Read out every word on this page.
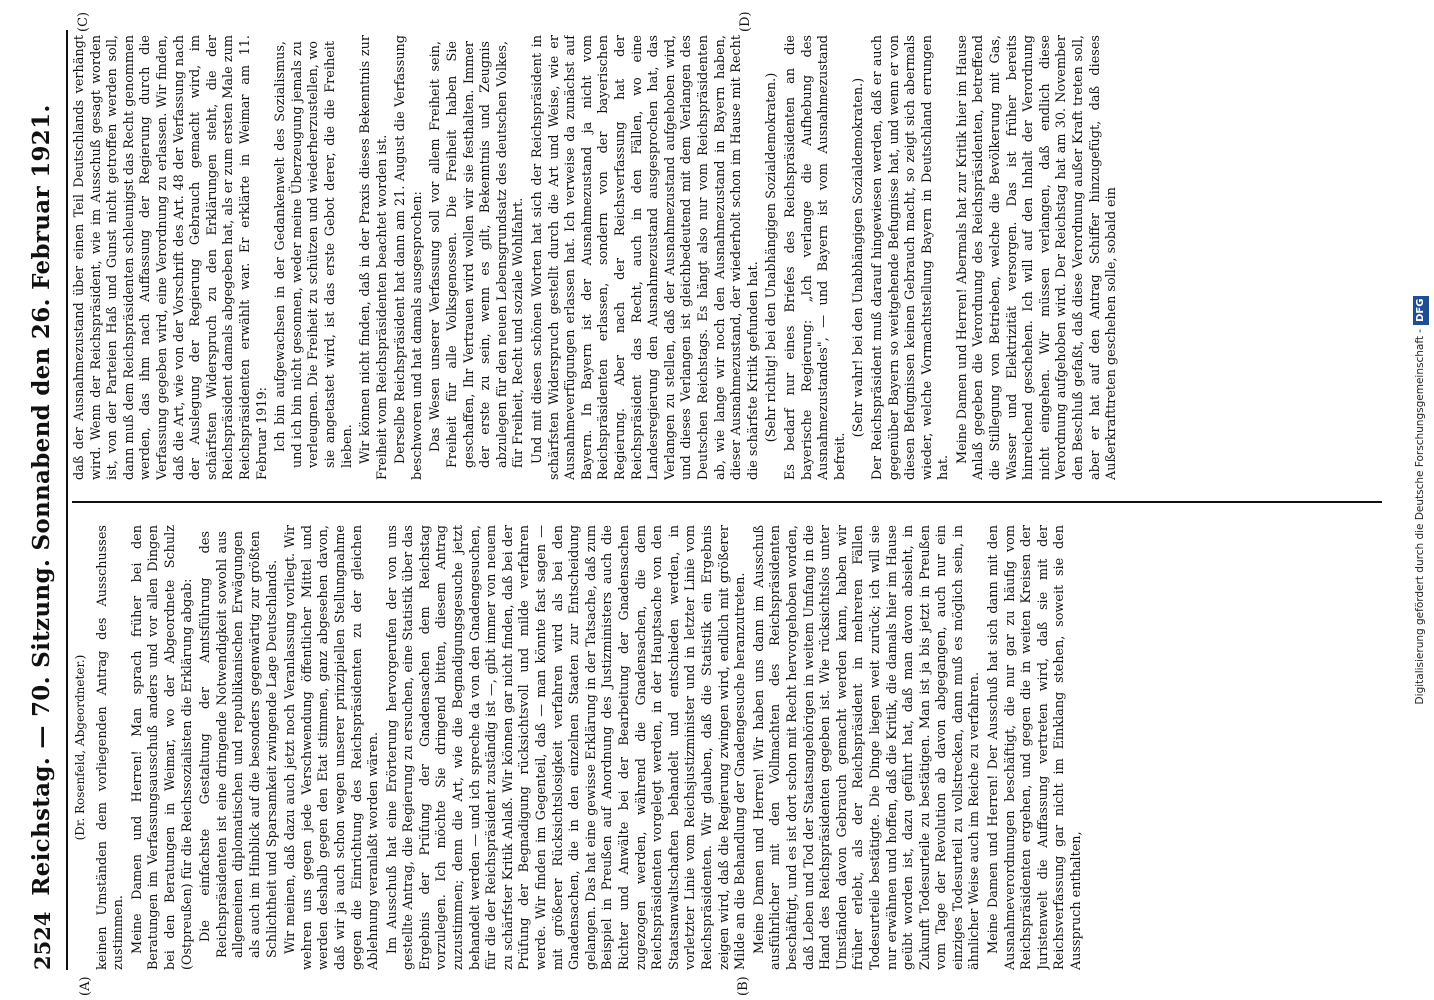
2524
Reichstag. — 70. Sitzung. Sonnabend den 26. Februar 1921. (Dr. Rosenfeld, Abgeordneter.) keinen Umständen dem vorliegenden Antrag des Ausschusses zustimmen. Meine Damen und Herren! Man sprach früher bei den Beratungen im Verfassungsausschuß anders und vor allen Dingen bei den Beratungen in Weimar, wo der Abgeordnete Schulz (Ostpreußen) für die Reichssozialisten die Erklärung abgab: Die einfachste Gestaltung der Amtsführung des Reichspräsidenten ist eine dringende Notwendigkeit sowohl aus allgemeinen diplomatischen und republikanischen Erwägungen als auch im Hinblick auf die besonders gegenwärtig zur größten Schlichtheit und Sparsamkeit zwingende Lage Deutschlands. Wir meinen, daß dazu auch jetzt noch Veranlassung vorliegt. Wir wehren uns gegen jede Verschwendung öffentlicher Mittel und werden deshalb gegen den Etat stimmen, ganz abgesehen davon, daß wir ja auch schon wegen unserer prinzipiellen Stellungnahme gegen die Einrichtung des Reichspräsidenten zu der gleichen Ablehnung veranlaßt worden wären. Im Ausschuß hat eine Erörterung hervorgerufen der von uns gestellte Antrag, die Regierung zu ersuchen, eine Statistik über das Ergebnis der Prüfung der Gnadensachen dem Reichstag vorzulegen. Ich möchte Sie dringend bitten, diesem Antrag zuzustimmen; denn die Art, wie die Begnadigungsgesuche jetzt behandelt werden — und ich spreche da von den Gnadengesuchen, für die der Reichspräsident zuständig ist —, gibt immer von neuem zu schärfster Kritik Anlaß. Wir können gar nicht finden, daß bei der Prüfung der Begnadigung rücksichtsvoll und milde verfahren werde. Wir finden im Gegenteil, daß — man könnte fast sagen — mit größerer Rücksichtslosigkeit verfahren wird als bei den Gnadensachen, die in den einzelnen Staaten zur Entscheidung gelangen. Das hat eine gewisse Erklärung in der Tatsache, daß zum Beispiel in Preußen auf Anordnung des Justizministers auch die Richter und Anwälte bei der Bearbeitung der Gnadensachen zugezogen werden, während die Gnadensachen, die dem Reichspräsidenten vorgelegt werden, in der Hauptsache von den Staatsanwaltschaften behandelt und entschieden werden, in vorletzter Linie vom Reichsjustizminister und in letzter Linie vom Reichspräsidenten. Wir glauben, daß die Statistik ein Ergebnis zeigen wird, daß die Regierung zwingen wird, endlich mit größerer Milde an die Behandlung der Gnadengesuche heranzutreten. Meine Damen und Herren! Wir haben uns dann im Ausschuß ausführlicher mit den Vollmachten des Reichspräsidenten beschäftigt, und es ist dort schon mit Recht hervorgehoben worden, daß Leben und Tod der Staatsangehörigen in weitem Umfang in die Hand des Reichspräsidenten gegeben ist. Wie rücksichtslos unter Umständen davon Gebrauch gemacht werden kann, haben wir früher erlebt, als der Reichspräsident in mehreren Fällen Todesurteile bestätigte. Die Dinge liegen weit zurück; ich will sie nur erwähnen und hoffen, daß die Kritik, die damals hier im Hause geübt worden ist, dazu geführt hat, daß man davon absieht, in Zukunft Todesurteile zu bestätigen. Man ist ja bis jetzt in Preußen vom Tage der Revolution ab davon abgegangen, auch nur ein einziges Todesurteil zu vollstrecken, dann muß es möglich sein, in ähnlicher Weise auch im Reiche zu verfahren. Meine Damen und Herren! Der Ausschuß hat sich dann mit den Ausnahmeverordnungen beschäftigt, die nur gar zu häufig vom Reichspräsidenten ergehen, und gegen die in weiten Kreisen der Juristenwelt die Auffassung vertreten wird, daß sie mit der Reichsverfassung gar nicht im Einklang stehen, soweit sie den Ausspruch enthalten,

daß der Ausnahmezustand über einen Teil Deutschlands verhängt wird. Wenn der Reichspräsident, wie im Ausschuß gesagt worden ist, von der Parteien Haß und Gunst nicht getroffen werden soll, dann muß dem Reichspräsidenten schleunigst das Recht genommen werden, das ihm nach Auffassung der Regierung durch die Verfassung gegeben wird, eine Verordnung zu erlassen. Wir finden, daß die Art, wie von der Vorschrift des Art. 48 der Verfassung nach der Auslegung der Regierung Gebrauch gemacht wird, im schärfsten Widerspruch zu den Erklärungen steht, die der Reichspräsident damals abgegeben hat, als er zum ersten Male zum Reichspräsidenten erwählt war. Er erklärte in Weimar am 11. Februar 1919: Ich bin aufgewachsen in der Gedankenwelt des Sozialismus, und ich bin nicht gesonnen, weder meine Überzeugung jemals zu verleugnen. Die Freiheit zu schützen und wiederherzustellen, wo sie angetastet wird, ist das erste Gebot derer, die die Freiheit lieben. Wir können nicht finden, daß in der Praxis dieses Bekenntnis zur Freiheit vom Reichspräsidenten beachtet worden ist. Derselbe Reichspräsident hat dann am 21. August die Verfassung beschworen und hat damals ausgesprochen: Das Wesen unserer Verfassung soll vor allem Freiheit sein, Freiheit für alle Volksgenossen. Die Freiheit haben Sie geschaffen, Ihr Vertrauen wird wollen wir sie festhalten. Immer der erste zu sein, wenn es gilt, Bekenntnis und Zeugnis abzulegen für den neuen Lebensgrundsatz des deutschen Volkes, für Freiheit, Recht und soziale Wohlfahrt. Und mit diesen schönen Worten hat sich der Reichspräsident in schärfsten Widerspruch gestellt durch die Art und Weise, wie er Ausnahmeverfügungen erlassen hat. Ich verweise da zunächst auf Bayern. In Bayern ist der Ausnahmezustand ja nicht vom Reichspräsidenten erlassen, sondern von der bayerischen Regierung. Aber nach der Reichsverfassung hat der Reichspräsident das Recht, auch in den Fällen, wo eine Landesregierung den Ausnahmezustand ausgesprochen hat, das Verlangen zu stellen, daß der Ausnahmezustand aufgehoben wird, und dieses Verlangen ist gleichbedeutend mit dem Verlangen des Deutschen Reichstags. Es hängt also nur vom Reichspräsidenten ab, wie lange wir noch den Ausnahmezustand in Bayern haben, dieser Ausnahmezustand, der wiederholt schon im Hause mit Recht die schärfste Kritik gefunden hat. (Sehr richtig! bei den Unabhängigen Sozialdemokraten.) Es bedarf nur eines Briefes des Reichspräsidenten an die bayerische Regierung: „Ich verlange die Aufhebung des Ausnahmezustandes", — und Bayern ist vom Ausnahmezustand befreit.

(Sehr wahr! bei den Unabhängigen Sozialdemokraten.) Der Reichspräsident muß darauf hingewiesen werden, daß er auch gegenüber Bayern so weitgehende Befugnisse hat, und wenn er von diesen Befugnissen keinen Gebrauch macht, so zeigt sich abermals wieder, welche Vormachtstellung Bayern in Deutschland errungen hat.

Meine Damen und Herren! Abermals hat zur Kritik hier im Hause Anlaß gegeben die Verordnung des Reichspräsidenten, betreffend die Stillegung von Betrieben, welche die Bevölkerung mit Gas, Wasser und Elektrizität versorgen. Das ist früher bereits hinreichend geschehen. Ich will auf den Inhalt der Verordnung nicht eingehen. Wir müssen verlangen, daß endlich diese Verordnung aufgehoben wird. Der Reichstag hat am 30. November den Beschluß gefaßt, daß diese Verordnung außer Kraft treten soll, aber er hat auf den Antrag Schiffer hinzugefügt, daß dieses Außerkrafttreten geschehen solle, sobald ein

(A)	(B)
(C)	(D)
Digitalisierung gefördert durch die Deutsche Forschungsgemeinschaft -DFG
